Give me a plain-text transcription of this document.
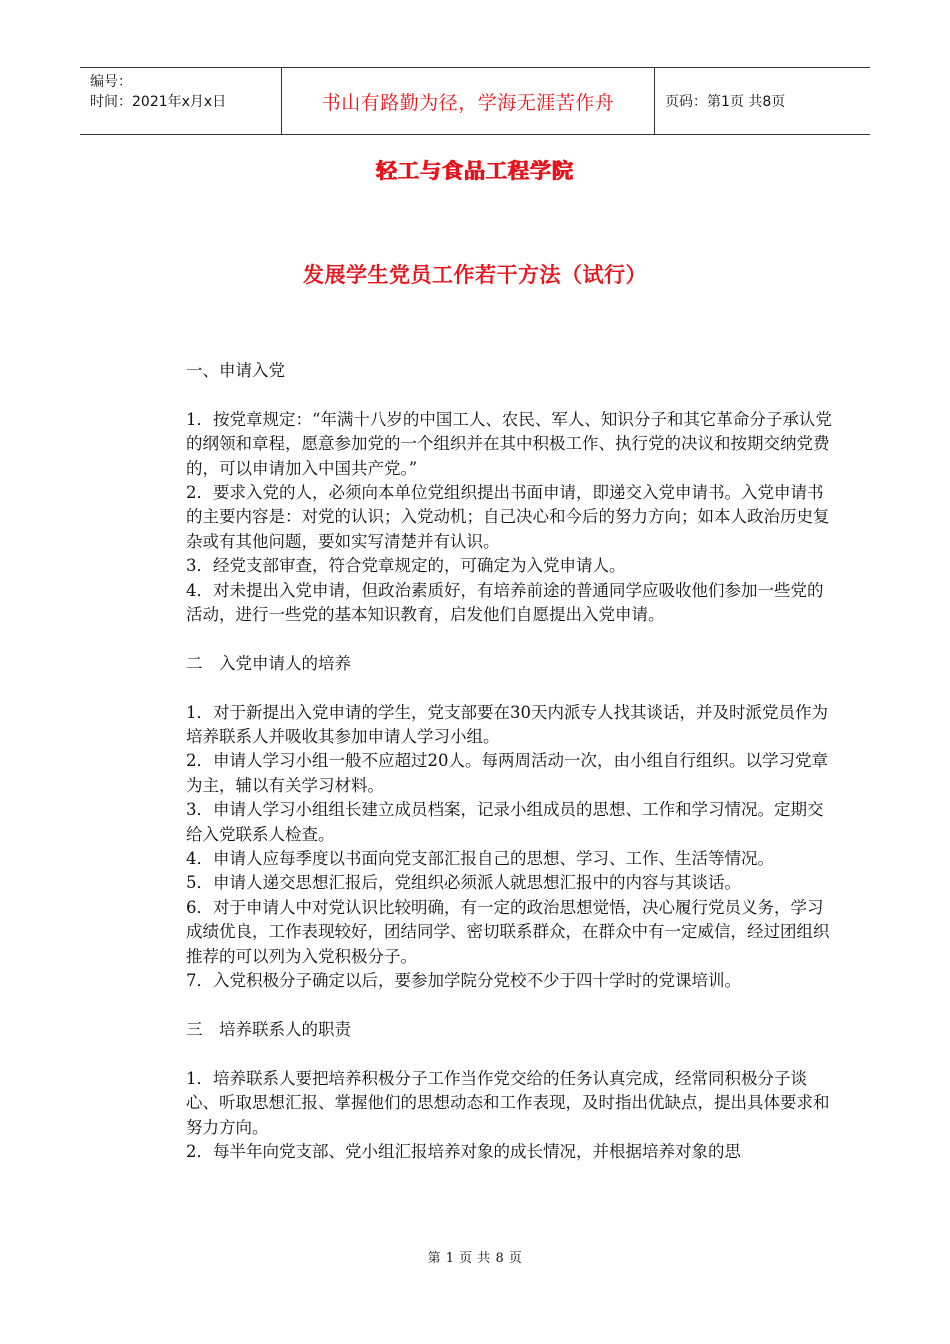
编号：
时间：2021年x月x日	书山有路勤为径，学海无涯苦作舟	页码：第1页 共8页
轻工与食品工程学院
发展学生党员工作若干方法（试行）

一、申请入党

1．按党章规定：“年满十八岁的中国工人、农民、军人、知识分子和其它革命分子承认党的纲领和章程，愿意参加党的一个组织并在其中积极工作、执行党的决议和按期交纳党费的，可以申请加入中国共产党。”

2．要求入党的人，必须向本单位党组织提出书面申请，即递交入党申请书。入党申请书的主要内容是：对党的认识；入党动机；自己决心和今后的努力方向；如本人政治历史复杂或有其他问题，要如实写清楚并有认识。

3．经党支部审查，符合党章规定的，可确定为入党申请人。

4．对未提出入党申请，但政治素质好，有培养前途的普通同学应吸收他们参加一些党的活动，进行一些党的基本知识教育，启发他们自愿提出入党申请。

二　入党申请人的培养

1．对于新提出入党申请的学生，党支部要在30天内派专人找其谈话，并及时派党员作为培养联系人并吸收其参加申请人学习小组。

2．申请人学习小组一般不应超过20人。每两周活动一次，由小组自行组织。以学习党章为主，辅以有关学习材料。

3．申请人学习小组组长建立成员档案，记录小组成员的思想、工作和学习情况。定期交给入党联系人检查。

4．申请人应每季度以书面向党支部汇报自己的思想、学习、工作、生活等情况。

5．申请人递交思想汇报后，党组织必须派人就思想汇报中的内容与其谈话。

6．对于申请人中对党认识比较明确，有一定的政治思想觉悟，决心履行党员义务，学习成绩优良，工作表现较好，团结同学、密切联系群众，在群众中有一定威信，经过团组织推荐的可以列为入党积极分子。

7．入党积极分子确定以后，要参加学院分党校不少于四十学时的党课培训。

三　培养联系人的职责

1．培养联系人要把培养积极分子工作当作党交给的任务认真完成，经常同积极分子谈心、听取思想汇报、掌握他们的思想动态和工作表现，及时指出优缺点，提出具体要求和努力方向。

2．每半年向党支部、党小组汇报培养对象的成长情况，并根据培养对象的思

第 1 页 共 8 页
